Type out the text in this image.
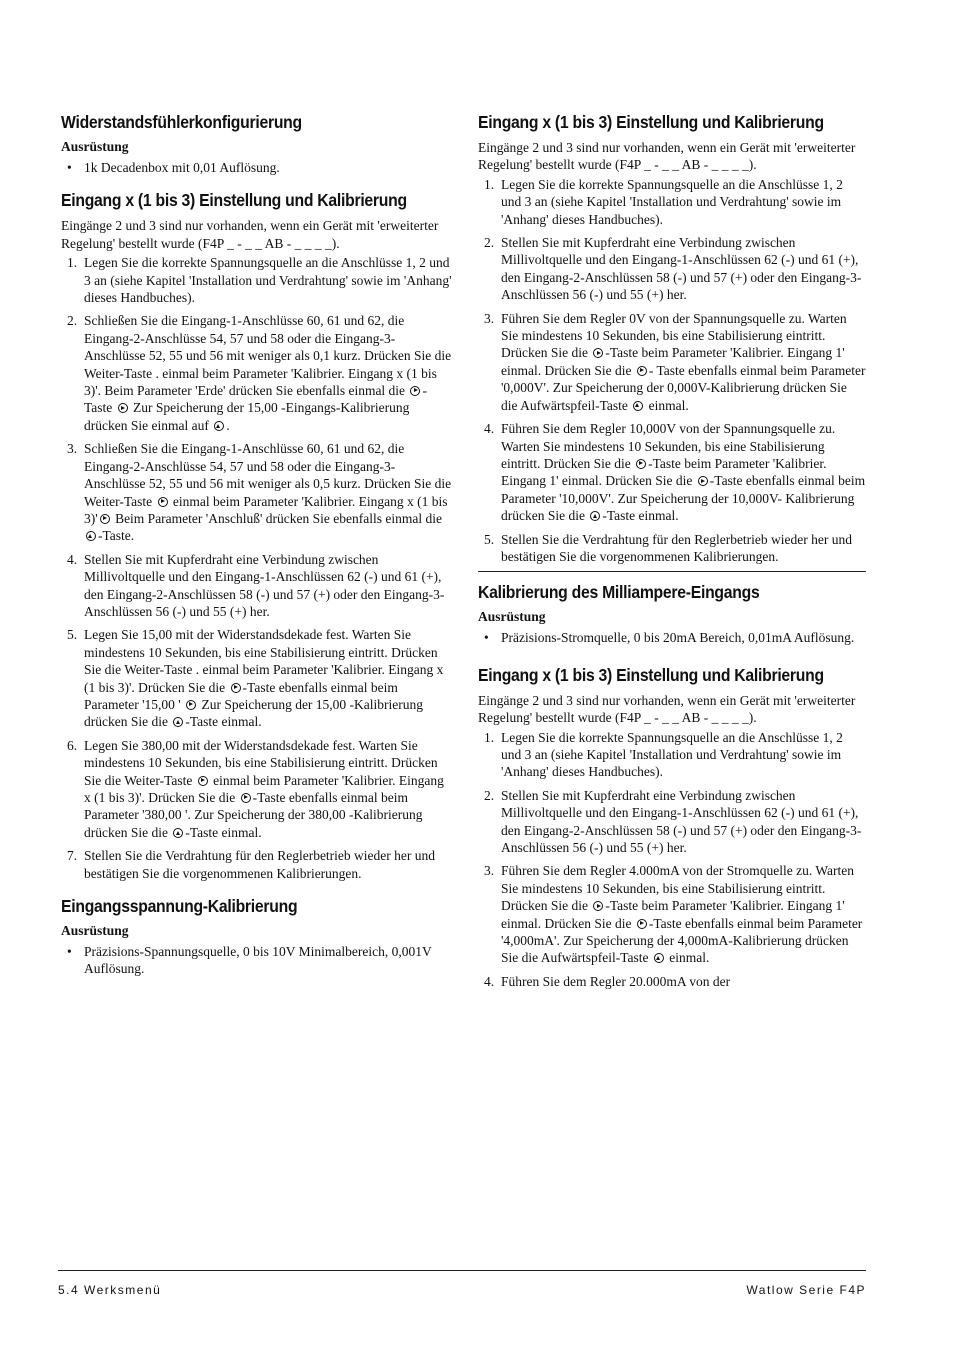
Widerstandsfühlerkonfigurierung
Ausrüstung
• 1k Decadenbox mit 0,01 Auflösung.
Eingang x (1 bis 3) Einstellung und Kalibrierung

Eingänge 2 und 3 sind nur vorhanden, wenn ein Gerät mit 'erweiterter Regelung' bestellt wurde (F4P _ - _ _ AB - _ _ _ _).

1. Legen Sie die korrekte Spannungsquelle an die Anschlüsse 1, 2 und 3 an (siehe Kapitel 'Installation und Verdrahtung' sowie im 'Anhang' dieses Handbuches).
2. Schließen Sie die Eingang-1-Anschlüsse 60, 61 und 62, die Eingang-2-Anschlüsse 54, 57 und 58 oder die Eingang-3-Anschlüsse 52, 55 und 56 mit weniger als 0,1 kurz. Drücken Sie die Weiter-Taste . einmal beim Parameter 'Kalibrier. Eingang x (1 bis 3)'. Beim Parameter 'Erde' drücken Sie ebenfalls einmal die -Taste Zur Speicherung der 15,00 -Eingangs-Kalibrierung drücken Sie einmal auf .
3. Schließen Sie die Eingang-1-Anschlüsse 60, 61 und 62, die Eingang-2-Anschlüsse 54, 57 und 58 oder die Eingang-3-Anschlüsse 52, 55 und 56 mit weniger als 0,5 kurz. Drücken Sie die Weiter-Taste einmal beim Parameter 'Kalibrier. Eingang x (1 bis 3)' Beim Parameter 'Anschluß' drücken Sie ebenfalls einmal die -Taste.
4. Stellen Sie mit Kupferdraht eine Verbindung zwischen Millivoltquelle und den Eingang-1-Anschlüssen 62 (-) und 61 (+), den Eingang-2-Anschlüssen 58 (-) und 57 (+) oder den Eingang-3-Anschlüssen 56 (-) und 55 (+) her.
5. Legen Sie 15,00 mit der Widerstandsdekade fest. Warten Sie mindestens 10 Sekunden, bis eine Stabilisierung eintritt. Drücken Sie die Weiter-Taste . einmal beim Parameter 'Kalibrier. Eingang x (1 bis 3)'. Drücken Sie die -Taste ebenfalls einmal beim Parameter '15,00 ' Zur Speicherung der 15,00 -Kalibrierung drücken Sie die -Taste einmal.
6. Legen Sie 380,00 mit der Widerstandsdekade fest. Warten Sie mindestens 10 Sekunden, bis eine Stabilisierung eintritt. Drücken Sie die Weiter-Taste einmal beim Parameter 'Kalibrier. Eingang x (1 bis 3)'. Drücken Sie die -Taste ebenfalls einmal beim Parameter '380,00 '. Zur Speicherung der 380,00 -Kalibrierung drücken Sie die -Taste einmal.
7. Stellen Sie die Verdrahtung für den Reglerbetrieb wieder her und bestätigen Sie die vorgenommenen Kalibrierungen.
Eingangsspannung-Kalibrierung
Ausrüstung
• Präzisions-Spannungsquelle, 0 bis 10V Minimalbereich, 0,001V Auflösung.
Eingang x (1 bis 3) Einstellung und Kalibrierung

Eingänge 2 und 3 sind nur vorhanden, wenn ein Gerät mit 'erweiterter Regelung' bestellt wurde (F4P _ - _ _ AB - _ _ _ _).

1. Legen Sie die korrekte Spannungsquelle an die Anschlüsse 1, 2 und 3 an (siehe Kapitel 'Installation und Verdrahtung' sowie im 'Anhang' dieses Handbuches).
2. Stellen Sie mit Kupferdraht eine Verbindung zwischen Millivoltquelle und den Eingang-1-Anschlüssen 62 (-) und 61 (+), den Eingang-2-Anschlüssen 58 (-) und 57 (+) oder den Eingang-3-Anschlüssen 56 (-) und 55 (+) her.
3. Führen Sie dem Regler 0V von der Spannungsquelle zu. Warten Sie mindestens 10 Sekunden, bis eine Stabilisierung eintritt. Drücken Sie die -Taste beim Parameter 'Kalibrier. Eingang 1' einmal. Drücken Sie die - Taste ebenfalls einmal beim Parameter '0,000V'. Zur Speicherung der 0,000V-Kalibrierung drücken Sie die Aufwärtspfeil-Taste einmal.
4. Führen Sie dem Regler 10,000V von der Spannungsquelle zu. Warten Sie mindestens 10 Sekunden, bis eine Stabilisierung eintritt. Drücken Sie die -Taste beim Parameter 'Kalibrier. Eingang 1' einmal. Drücken Sie die -Taste ebenfalls einmal beim Parameter '10,000V'. Zur Speicherung der 10,000V- Kalibrierung drücken Sie die -Taste einmal.
5. Stellen Sie die Verdrahtung für den Reglerbetrieb wieder her und bestätigen Sie die vorgenommenen Kalibrierungen.
Kalibrierung des Milliampere-Eingangs
Ausrüstung
• Präzisions-Stromquelle, 0 bis 20mA Bereich, 0,01mA Auflösung.
Eingang x (1 bis 3) Einstellung und Kalibrierung

Eingänge 2 und 3 sind nur vorhanden, wenn ein Gerät mit 'erweiterter Regelung' bestellt wurde (F4P _ - _ _ AB - _ _ _ _).

1. Legen Sie die korrekte Spannungsquelle an die Anschlüsse 1, 2 und 3 an (siehe Kapitel 'Installation und Verdrahtung' sowie im 'Anhang' dieses Handbuches).
2. Stellen Sie mit Kupferdraht eine Verbindung zwischen Millivoltquelle und den Eingang-1-Anschlüssen 62 (-) und 61 (+), den Eingang-2-Anschlüssen 58 (-) und 57 (+) oder den Eingang-3-Anschlüssen 56 (-) und 55 (+) her.
3. Führen Sie dem Regler 4.000mA von der Stromquelle zu. Warten Sie mindestens 10 Sekunden, bis eine Stabilisierung eintritt. Drücken Sie die -Taste beim Parameter 'Kalibrier. Eingang 1' einmal. Drücken Sie die -Taste ebenfalls einmal beim Parameter '4,000mA'. Zur Speicherung der 4,000mA-Kalibrierung drücken Sie die Aufwärtspfeil-Taste einmal.
4. Führen Sie dem Regler 20.000mA von der
5.4 Werksmenü	Watlow Serie F4P
